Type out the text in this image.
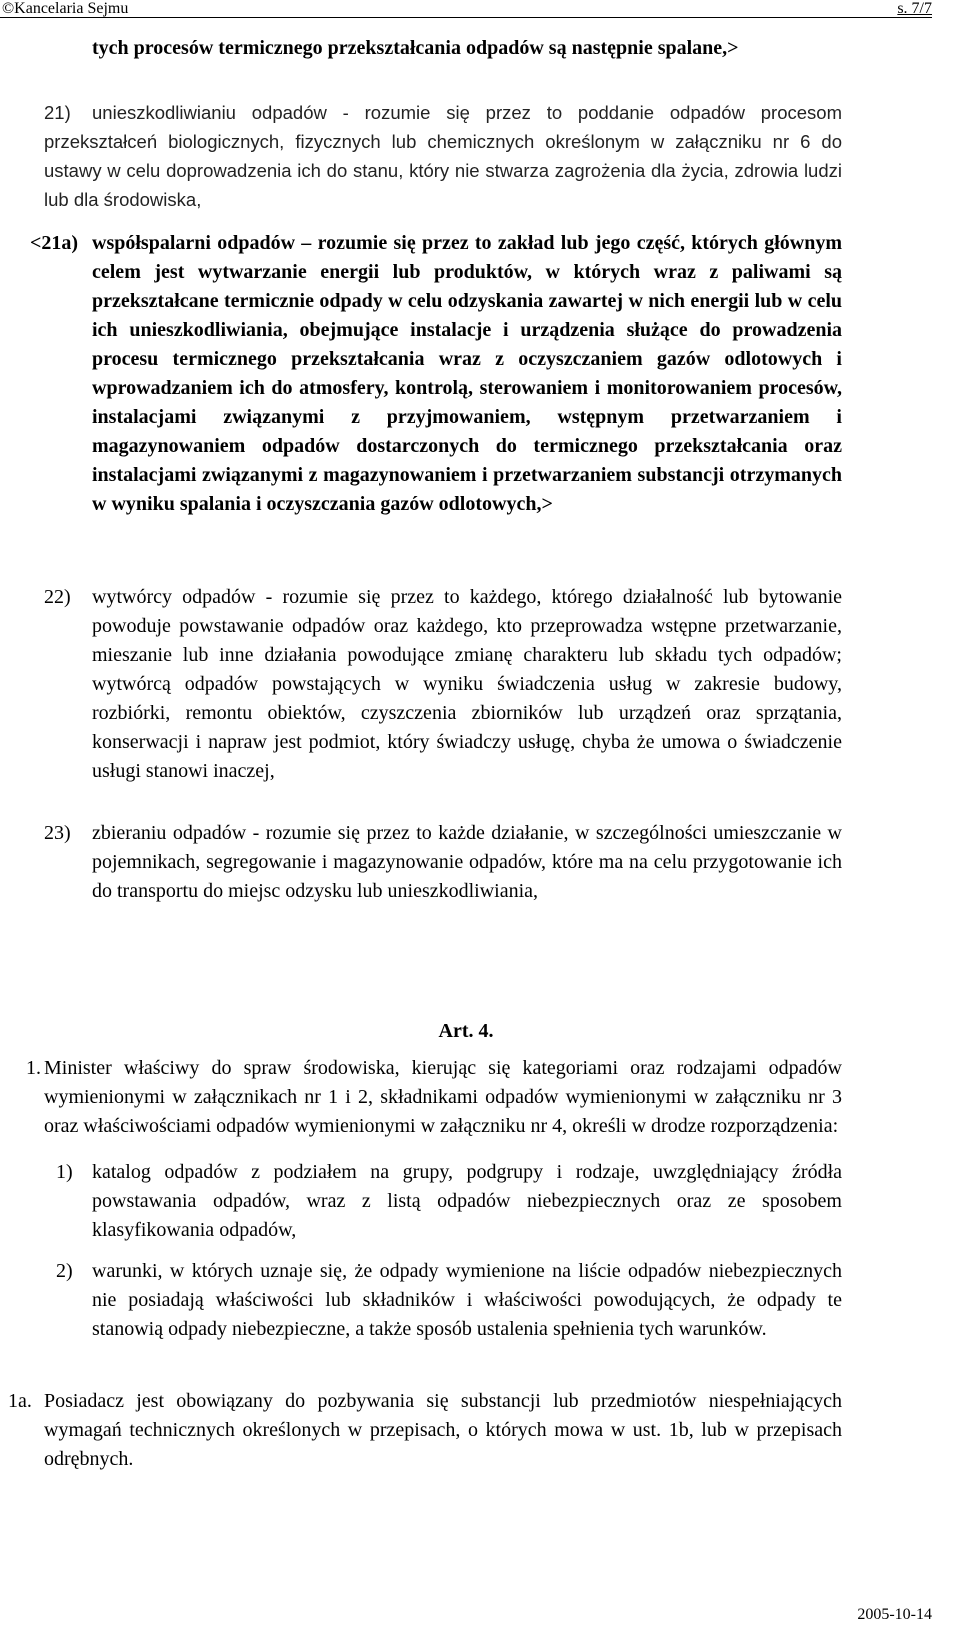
©Kancelaria Sejmu	s. 7/7

tych procesów termicznego przekształcania odpadów są następnie spalane,>

21)	unieszkodliwianiu odpadów - rozumie się przez to poddanie odpadów procesom przekształceń biologicznych, fizycznych lub chemicznych określonym w załączniku nr 6 do ustawy w celu doprowadzenia ich do stanu, który nie stwarza zagrożenia dla życia, zdrowia ludzi lub dla środowiska,

<21a) współspalarni odpadów – rozumie się przez to zakład lub jego część, których głównym celem jest wytwarzanie energii lub produktów, w których wraz z paliwami są przekształcane termicznie odpady w celu odzyskania zawartej w nich energii lub w celu ich unieszkodliwiania, obejmujące instalacje i urządzenia służące do prowadzenia procesu termicznego przekształcania wraz z oczyszczaniem gazów odlotowych i wprowadzaniem ich do atmosfery, kontrolą, sterowaniem i monitorowaniem procesów, instalacjami związanymi z przyjmowaniem, wstępnym przetwarzaniem i magazynowaniem odpadów dostarczonych do termicznego przekształcania oraz instalacjami związanymi z magazynowaniem i przetwarzaniem substancji otrzymanych w wyniku spalania i oczyszczania gazów odlotowych,>

22) wytwórcy odpadów - rozumie się przez to każdego, którego działalność lub bytowanie powoduje powstawanie odpadów oraz każdego, kto przeprowadza wstępne przetwarzanie, mieszanie lub inne działania powodujące zmianę charakteru lub składu tych odpadów; wytwórcą odpadów powstających w wyniku świadczenia usług w zakresie budowy, rozbiórki, remontu obiektów, czyszczenia zbiorników lub urządzeń oraz sprzątania, konserwacji i napraw jest podmiot, który świadczy usługę, chyba że umowa o świadczenie usługi stanowi inaczej,

23) zbieraniu odpadów - rozumie się przez to każde działanie, w szczególności umieszczanie w pojemnikach, segregowanie i magazynowanie odpadów, które ma na celu przygotowanie ich do transportu do miejsc odzysku lub unieszkodliwiania,

Art. 4.
1. Minister właściwy do spraw środowiska, kierując się kategoriami oraz rodzajami odpadów wymienionymi w załącznikach nr 1 i 2, składnikami odpadów wymienionymi w załączniku nr 3 oraz właściwościami odpadów wymienionymi w załączniku nr 4, określi w drodze rozporządzenia:

1) katalog odpadów z podziałem na grupy, podgrupy i rodzaje, uwzględniający źródła powstawania odpadów, wraz z listą odpadów niebezpiecznych oraz ze sposobem klasyfikowania odpadów,

2) warunki, w których uznaje się, że odpady wymienione na liście odpadów niebezpiecznych nie posiadają właściwości lub składników i właściwości powodujących, że odpady te stanowią odpady niebezpieczne, a także sposób ustalenia spełnienia tych warunków.

1a. Posiadacz jest obowiązany do pozbywania się substancji lub przedmiotów niespełniających wymagań technicznych określonych w przepisach, o których mowa w ust. 1b, lub w przepisach odrębnych.

2005-10-14
